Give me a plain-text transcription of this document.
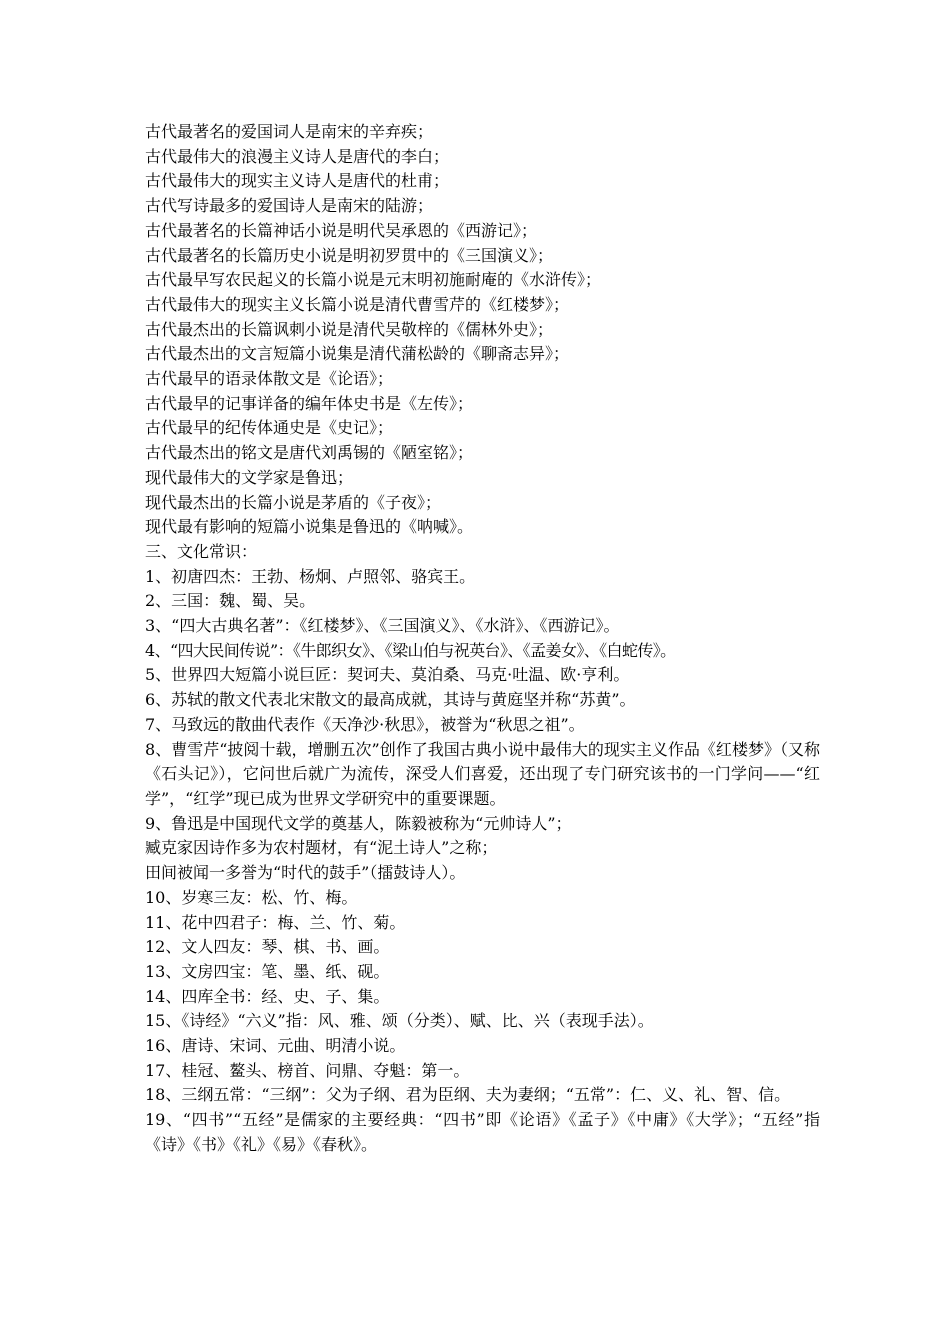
古代最著名的爱国词人是南宋的辛弃疾；
古代最伟大的浪漫主义诗人是唐代的李白；
古代最伟大的现实主义诗人是唐代的杜甫；
古代写诗最多的爱国诗人是南宋的陆游；
古代最著名的长篇神话小说是明代吴承恩的《西游记》；
古代最著名的长篇历史小说是明初罗贯中的《三国演义》；
古代最早写农民起义的长篇小说是元末明初施耐庵的《水浒传》；
古代最伟大的现实主义长篇小说是清代曹雪芹的《红楼梦》；
古代最杰出的长篇讽刺小说是清代吴敬梓的《儒林外史》；
古代最杰出的文言短篇小说集是清代蒲松龄的《聊斋志异》；
古代最早的语录体散文是《论语》；
古代最早的记事详备的编年体史书是《左传》；
古代最早的纪传体通史是《史记》；
古代最杰出的铭文是唐代刘禹锡的《陋室铭》；
现代最伟大的文学家是鲁迅；
现代最杰出的长篇小说是茅盾的《子夜》；
现代最有影响的短篇小说集是鲁迅的《呐喊》。
三、文化常识：
1、初唐四杰：王勃、杨炯、卢照邻、骆宾王。
2、三国：魏、蜀、吴。
3、“四大古典名著”：《红楼梦》、《三国演义》、《水浒》、《西游记》。
4、“四大民间传说”：《牛郎织女》、《梁山伯与祝英台》、《孟姜女》、《白蛇传》。
5、世界四大短篇小说巨匠：契诃夫、莫泊桑、马克·吐温、欧·亨利。
6、苏轼的散文代表北宋散文的最高成就，其诗与黄庭坚并称“苏黄”。
7、马致远的散曲代表作《天净沙·秋思》，被誉为“秋思之祖”。
8、曹雪芹“披阅十载，增删五次”创作了我国古典小说中最伟大的现实主义作品《红楼梦》（又称《石头记》），它问世后就广为流传，深受人们喜爱，还出现了专门研究该书的一门学问——“红学”，“红学”现已成为世界文学研究中的重要课题。
9、鲁迅是中国现代文学的奠基人，陈毅被称为“元帅诗人”；
臧克家因诗作多为农村题材，有“泥土诗人”之称；
田间被闻一多誉为“时代的鼓手”（擂鼓诗人）。
10、岁寒三友：松、竹、梅。
11、花中四君子：梅、兰、竹、菊。
12、文人四友：琴、棋、书、画。
13、文房四宝：笔、墨、纸、砚。
14、四库全书：经、史、子、集。
15、《诗经》“六义”指：风、雅、颂（分类）、赋、比、兴（表现手法）。
16、唐诗、宋词、元曲、明清小说。
17、桂冠、鳌头、榜首、问鼎、夺魁：第一。
18、三纲五常：“三纲”：父为子纲、君为臣纲、夫为妻纲；“五常”：仁、义、礼、智、信。
19、“四书”“五经”是儒家的主要经典：“四书”即《论语》《孟子》《中庸》《大学》；“五经”指《诗》《书》《礼》《易》《春秋》。
